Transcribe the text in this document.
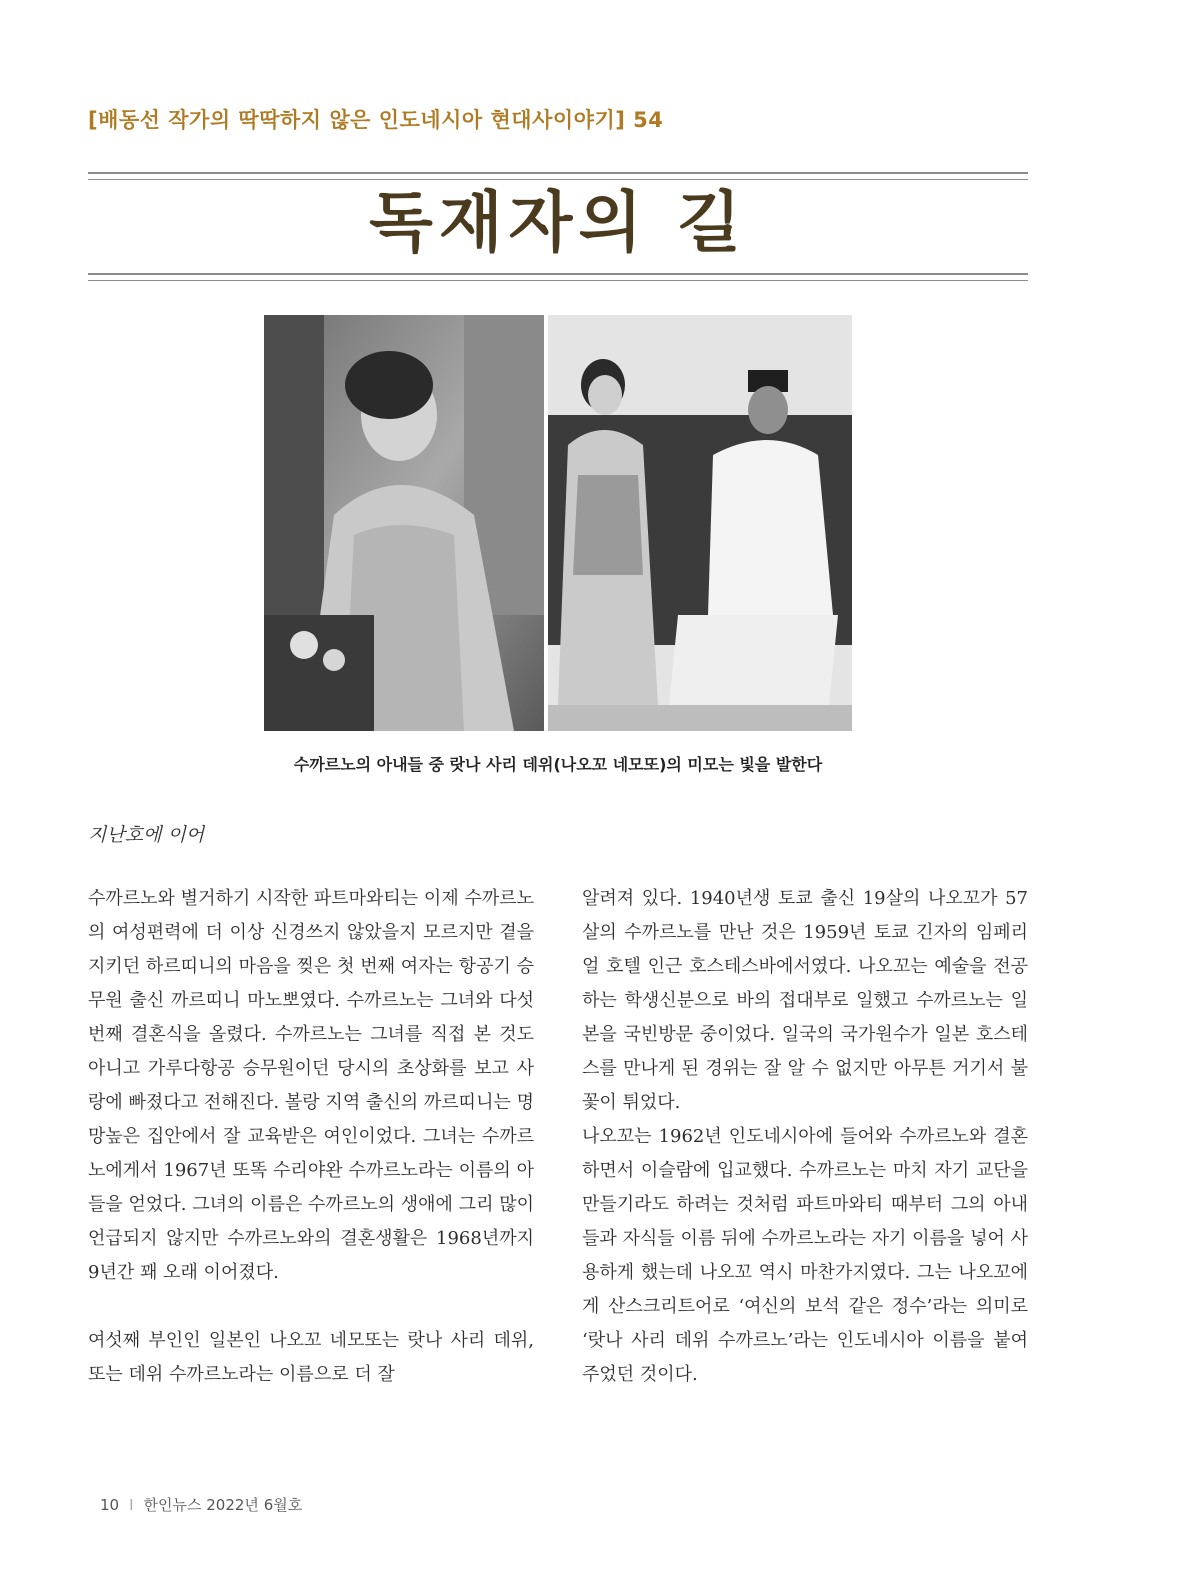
[배동선 작가의 딱딱하지 않은 인도네시아 현대사이야기] 54
독재자의 길
수까르노의 아내들 중 랏나 사리 데위(나오꼬 네모또)의 미모는 빛을 발한다
지난호에 이어

수까르노와 별거하기 시작한 파트마와티는 이제 수까르노의 여성편력에 더 이상 신경쓰지 않았을지 모르지만 곁을 지키던 하르띠니의 마음을 찢은 첫 번째 여자는 항공기 승무원 출신 까르띠니 마노뽀였다. 수까르노는 그녀와 다섯 번째 결혼식을 올렸다. 수까르노는 그녀를 직접 본 것도 아니고 가루다항공 승무원이던 당시의 초상화를 보고 사랑에 빠졌다고 전해진다. 볼랑 지역 출신의 까르띠니는 명망높은 집안에서 잘 교육받은 여인이었다. 그녀는 수까르노에게서 1967년 또똑 수리야완 수까르노라는 이름의 아들을 얻었다. 그녀의 이름은 수까르노의 생애에 그리 많이 언급되지 않지만 수까르노와의 결혼생활은 1968년까지 9년간 꽤 오래 이어졌다.

여섯째 부인인 일본인 나오꼬 네모또는 랏나 사리 데위, 또는 데위 수까르노라는 이름으로 더 잘

알려져 있다. 1940년생 토쿄 출신 19살의 나오꼬가 57살의 수까르노를 만난 것은 1959년 토쿄 긴자의 임페리얼 호텔 인근 호스테스바에서였다. 나오꼬는 예술을 전공하는 학생신분으로 바의 접대부로 일했고 수까르노는 일본을 국빈방문 중이었다. 일국의 국가원수가 일본 호스테스를 만나게 된 경위는 잘 알 수 없지만 아무튼 거기서 불꽃이 튀었다.

나오꼬는 1962년 인도네시아에 들어와 수까르노와 결혼하면서 이슬람에 입교했다. 수까르노는 마치 자기 교단을 만들기라도 하려는 것처럼 파트마와티 때부터 그의 아내들과 자식들 이름 뒤에 수까르노라는 자기 이름을 넣어 사용하게 했는데 나오꼬 역시 마찬가지였다. 그는 나오꼬에게 산스크리트어로 ‘여신의 보석 같은 정수’라는 의미로 ‘랏나 사리 데위 수까르노’라는 인도네시아 이름을 붙여 주었던 것이다.

10 I 한인뉴스 2022년 6월호
